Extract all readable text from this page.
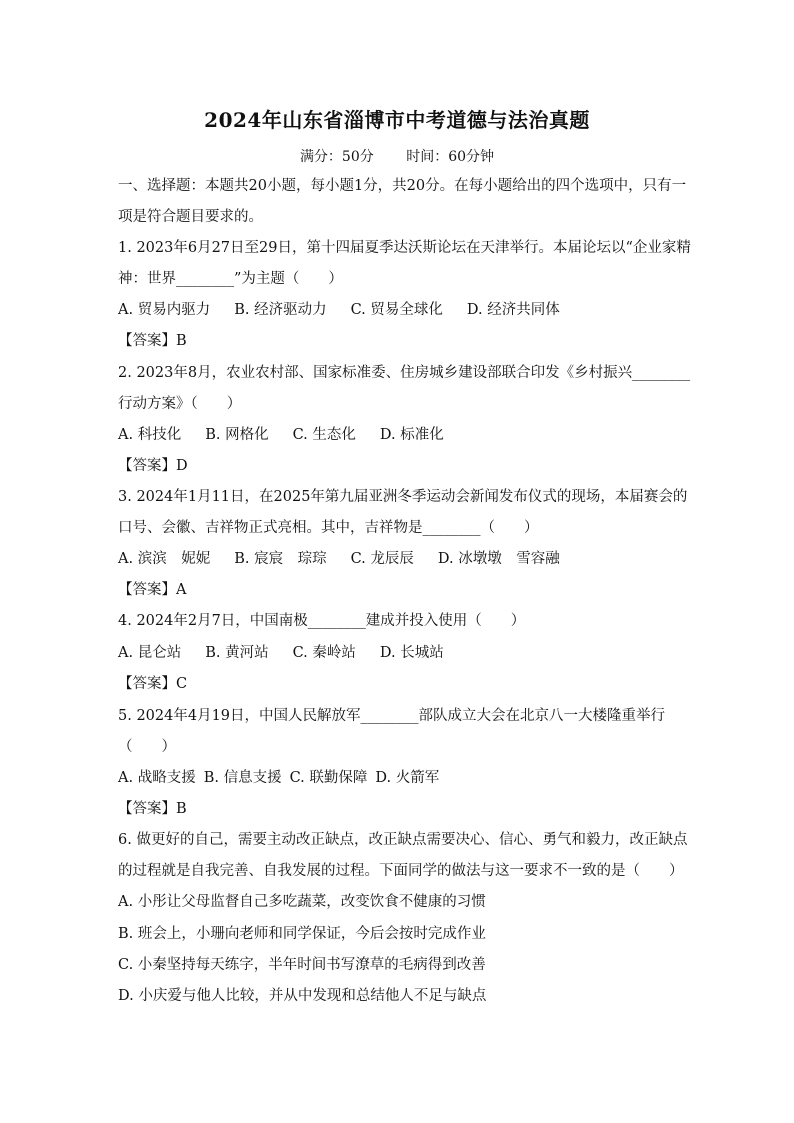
2024年山东省淄博市中考道德与法治真题
满分：50分 时间：60分钟
一、选择题：本题共20小题，每小题1分，共20分。在每小题给出的四个选项中，只有一
项是符合题目要求的。
1. 2023年6月27日至29日，第十四届夏季达沃斯论坛在天津举行。本届论坛以“企业家精
神：世界________”为主题（　　）
A. 贸易内驱力 B. 经济驱动力 C. 贸易全球化 D. 经济共同体
【答案】B
2. 2023年8月，农业农村部、国家标准委、住房城乡建设部联合印发《乡村振兴________
行动方案》（　　）
A. 科技化 B. 网格化 C. 生态化 D. 标准化
【答案】D
3. 2024年1月11日，在2025年第九届亚洲冬季运动会新闻发布仪式的现场，本届赛会的
口号、会徽、吉祥物正式亮相。其中，吉祥物是________（　　）
A. 滨滨　妮妮 B. 宸宸　琮琮 C. 龙辰辰 D. 冰墩墩　雪容融
【答案】A
4. 2024年2月7日，中国南极________建成并投入使用（　　）
A. 昆仑站 B. 黄河站 C. 秦岭站 D. 长城站
【答案】C
5. 2024年4月19日，中国人民解放军________部队成立大会在北京八一大楼隆重举行
（　　）
A. 战略支援 B. 信息支援 C. 联勤保障 D. 火箭军
【答案】B
6. 做更好的自己，需要主动改正缺点，改正缺点需要决心、信心、勇气和毅力，改正缺点
的过程就是自我完善、自我发展的过程。下面同学的做法与这一要求不一致的是（　　）
A. 小彤让父母监督自己多吃蔬菜，改变饮食不健康的习惯
B. 班会上，小珊向老师和同学保证，今后会按时完成作业
C. 小秦坚持每天练字，半年时间书写潦草的毛病得到改善
D. 小庆爱与他人比较，并从中发现和总结他人不足与缺点
